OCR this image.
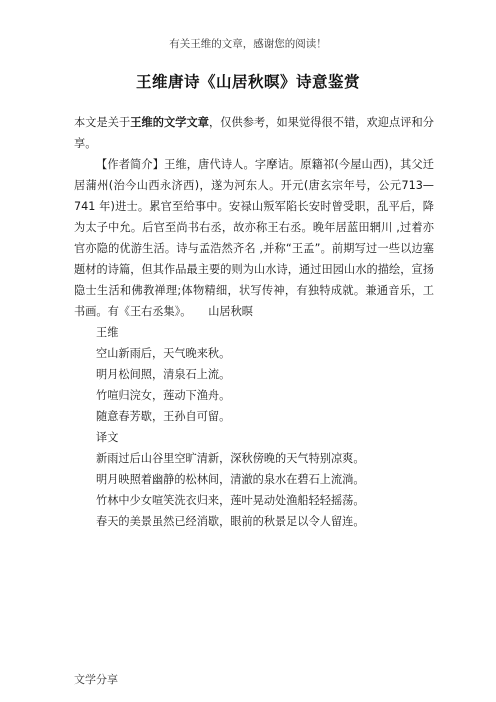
有关王维的文章，感谢您的阅读！
王维唐诗《山居秋暝》诗意鉴赏

本文是关于王维的文学文章，仅供参考，如果觉得很不错，欢迎点评和分享。

【作者简介】王维，唐代诗人。字摩诘。原籍祁(今屋山西)，其父迁居蒲州(治今山西永济西)，遂为河东人。开元(唐玄宗年号，公元713—741 年)进士。累官至给事中。安禄山叛军陷长安时曾受职，乱平后，降为太子中允。后官至尚书右丞，故亦称王右丞。晚年居蓝田辋川 ,过着亦官亦隐的优游生活。诗与孟浩然齐名 ,并称“王孟”。前期写过一些以边塞题材的诗篇，但其作品最主要的则为山水诗，通过田园山水的描绘，宣扬隐士生活和佛教禅理;体物精细，状写传神，有独特成就。兼通音乐，工书画。有《王右丞集》。　　山居秋暝

王维

空山新雨后，天气晚来秋。

明月松间照，清泉石上流。

竹喧归浣女，莲动下渔舟。

随意春芳歇，王孙自可留。

译文

新雨过后山谷里空旷清新，深秋傍晚的天气特别凉爽。

明月映照着幽静的松林间，清澈的泉水在碧石上流淌。

竹林中少女喧笑洗衣归来，莲叶晃动处渔船轻轻摇荡。

春天的美景虽然已经消歇，眼前的秋景足以令人留连。

文学分享
